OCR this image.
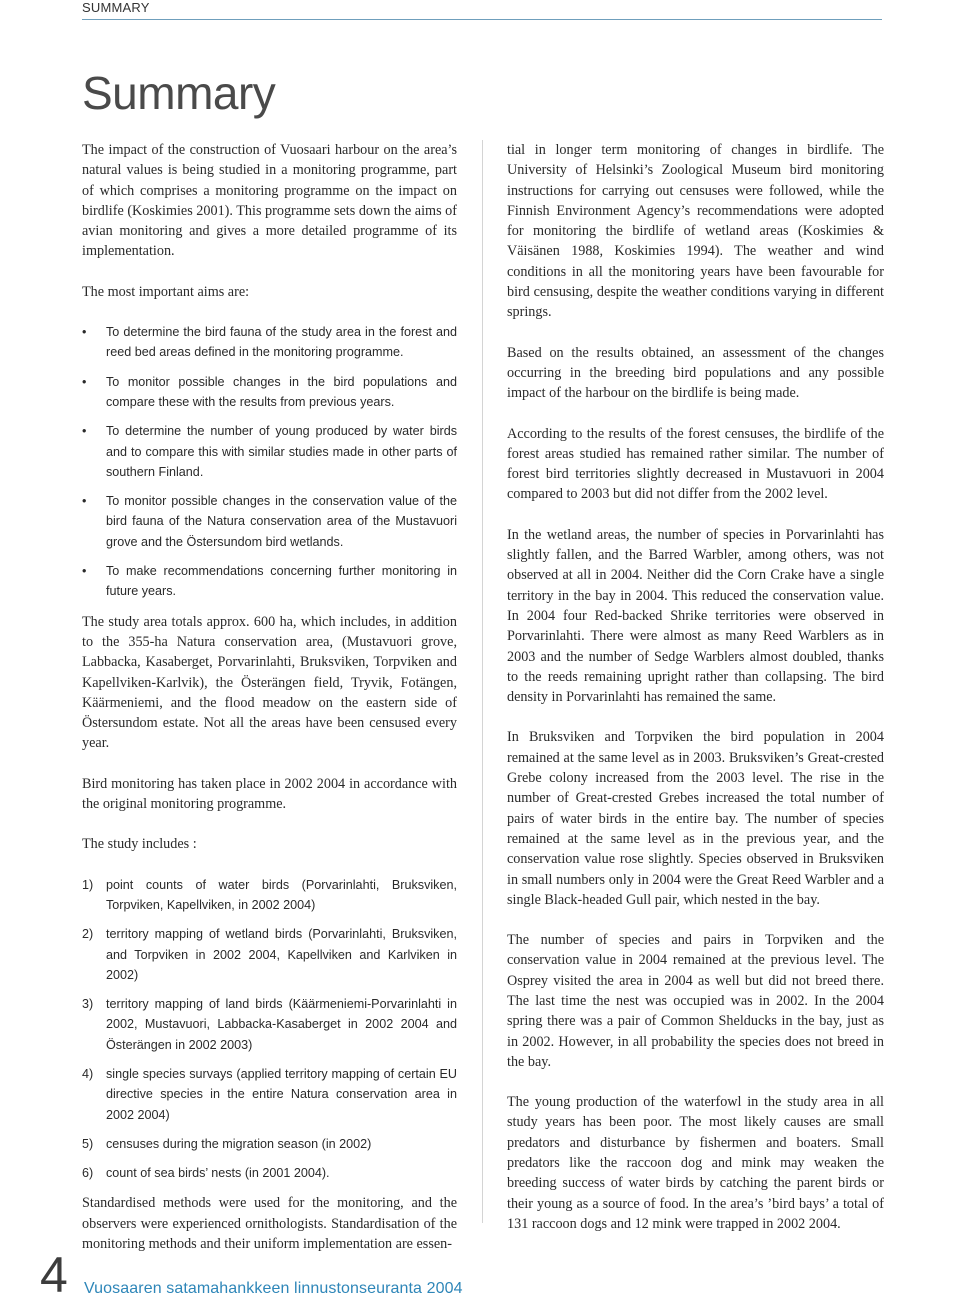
SUMMARY
Summary

The impact of the construction of Vuosaari harbour on the area’s natural values is being studied in a monitoring programme, part of which comprises a monitoring programme on the impact on birdlife (Koskimies 2001). This programme sets down the aims of avian monitoring and gives a more detailed programme of its implementation.

The most important aims are:

•	To determine the bird fauna of the study area in the forest and reed bed areas defined in the monitoring programme.
•	To monitor possible changes in the bird populations and compare these with the results from previous years.
•	To determine the number of young produced by water birds and to compare this with similar studies made in other parts of southern Finland.
•	To monitor possible changes in the conservation value of the bird fauna of the Natura conservation area of the Mustavuori grove and the Östersundom bird wetlands.
•	To make recommendations concerning further monitoring in future years.

The study area totals approx. 600 ha, which includes, in addition to the 355-ha Natura conservation area, (Mustavuori grove, Labbacka, Kasaberget, Porvarinlahti, Bruksviken, Torpviken and Kapellviken-Karlvik), the Österängen field, Tryvik, Fotängen, Käärmeniemi, and the flood meadow on the eastern side of Östersundom estate. Not all the areas have been censused every year.

Bird monitoring has taken place in 2002 2004 in accordance with the original monitoring programme.

The study includes :

1)	point counts of water birds (Porvarinlahti, Bruksviken, Torpviken, Kapellviken, in 2002 2004)
2)	territory mapping of wetland birds (Porvarinlahti, Bruksviken, and Torpviken in 2002 2004, Kapellviken and Karlviken in 2002)
3)	territory mapping of land birds (Käärmeniemi-Porvarinlahti in 2002, Mustavuori, Labbacka-Kasaberget in 2002 2004 and Österängen in 2002 2003)
4)	single species survays (applied territory mapping of certain EU directive species in the entire Natura conservation area in 2002 2004)
5)	censuses during the migration season (in 2002)
6)	count of sea birds’ nests (in 2001 2004).

Standardised methods were used for the monitoring, and the observers were experienced ornithologists. Standardisation of the monitoring methods and their uniform implementation are essen-

tial in longer term monitoring of changes in birdlife. The University of Helsinki’s Zoological Museum bird monitoring instructions for carrying out censuses were followed, while the Finnish Environment Agency’s recommendations were adopted for monitoring the birdlife of wetland areas (Koskimies & Väisänen 1988, Koskimies 1994). The weather and wind conditions in all the monitoring years have been favourable for bird censusing, despite the weather conditions varying in different springs.

Based on the results obtained, an assessment of the changes occurring in the breeding bird populations and any possible impact of the harbour on the birdlife is being made.

According to the results of the forest censuses, the birdlife of the forest areas studied has remained rather similar. The number of forest bird territories slightly decreased in Mustavuori in 2004 compared to 2003 but did not differ from the 2002 level.

In the wetland areas, the number of species in Porvarinlahti has slightly fallen, and the Barred Warbler, among others, was not observed at all in 2004. Neither did the Corn Crake have a single territory in the bay in 2004. This reduced the conservation value. In 2004 four Red-backed Shrike territories were observed in Porvarinlahti. There were almost as many Reed Warblers as in 2003 and the number of Sedge Warblers almost doubled, thanks to the reeds remaining upright rather than collapsing. The bird density in Porvarinlahti has remained the same.

In Bruksviken and Torpviken the bird population in 2004 remained at the same level as in 2003. Bruksviken’s Great-crested Grebe colony increased from the 2003 level. The rise in the number of Great-crested Grebes increased the total number of pairs of water birds in the entire bay. The number of species remained at the same level as in the previous year, and the conservation value rose slightly. Species observed in Bruksviken in small numbers only in 2004 were the Great Reed Warbler and a single Black-headed Gull pair, which nested in the bay.

The number of species and pairs in Torpviken and the conservation value in 2004 remained at the previous level. The Osprey visited the area in 2004 as well but did not breed there. The last time the nest was occupied was in 2002. In the 2004 spring there was a pair of Common Shelducks in the bay, just as in 2002. However, in all probability the species does not breed in the bay.

The young production of the waterfowl in the study area in all study years has been poor. The most likely causes are small predators and disturbance by fishermen and boaters. Small predators like the raccoon dog and mink may weaken the breeding success of water birds by catching the parent birds or their young as a source of food. In the area’s ’bird bays’ a total of 131 raccoon dogs and 12 mink were trapped in 2002 2004.

4 Vuosaaren satamahankkeen linnustonseuranta 2004
